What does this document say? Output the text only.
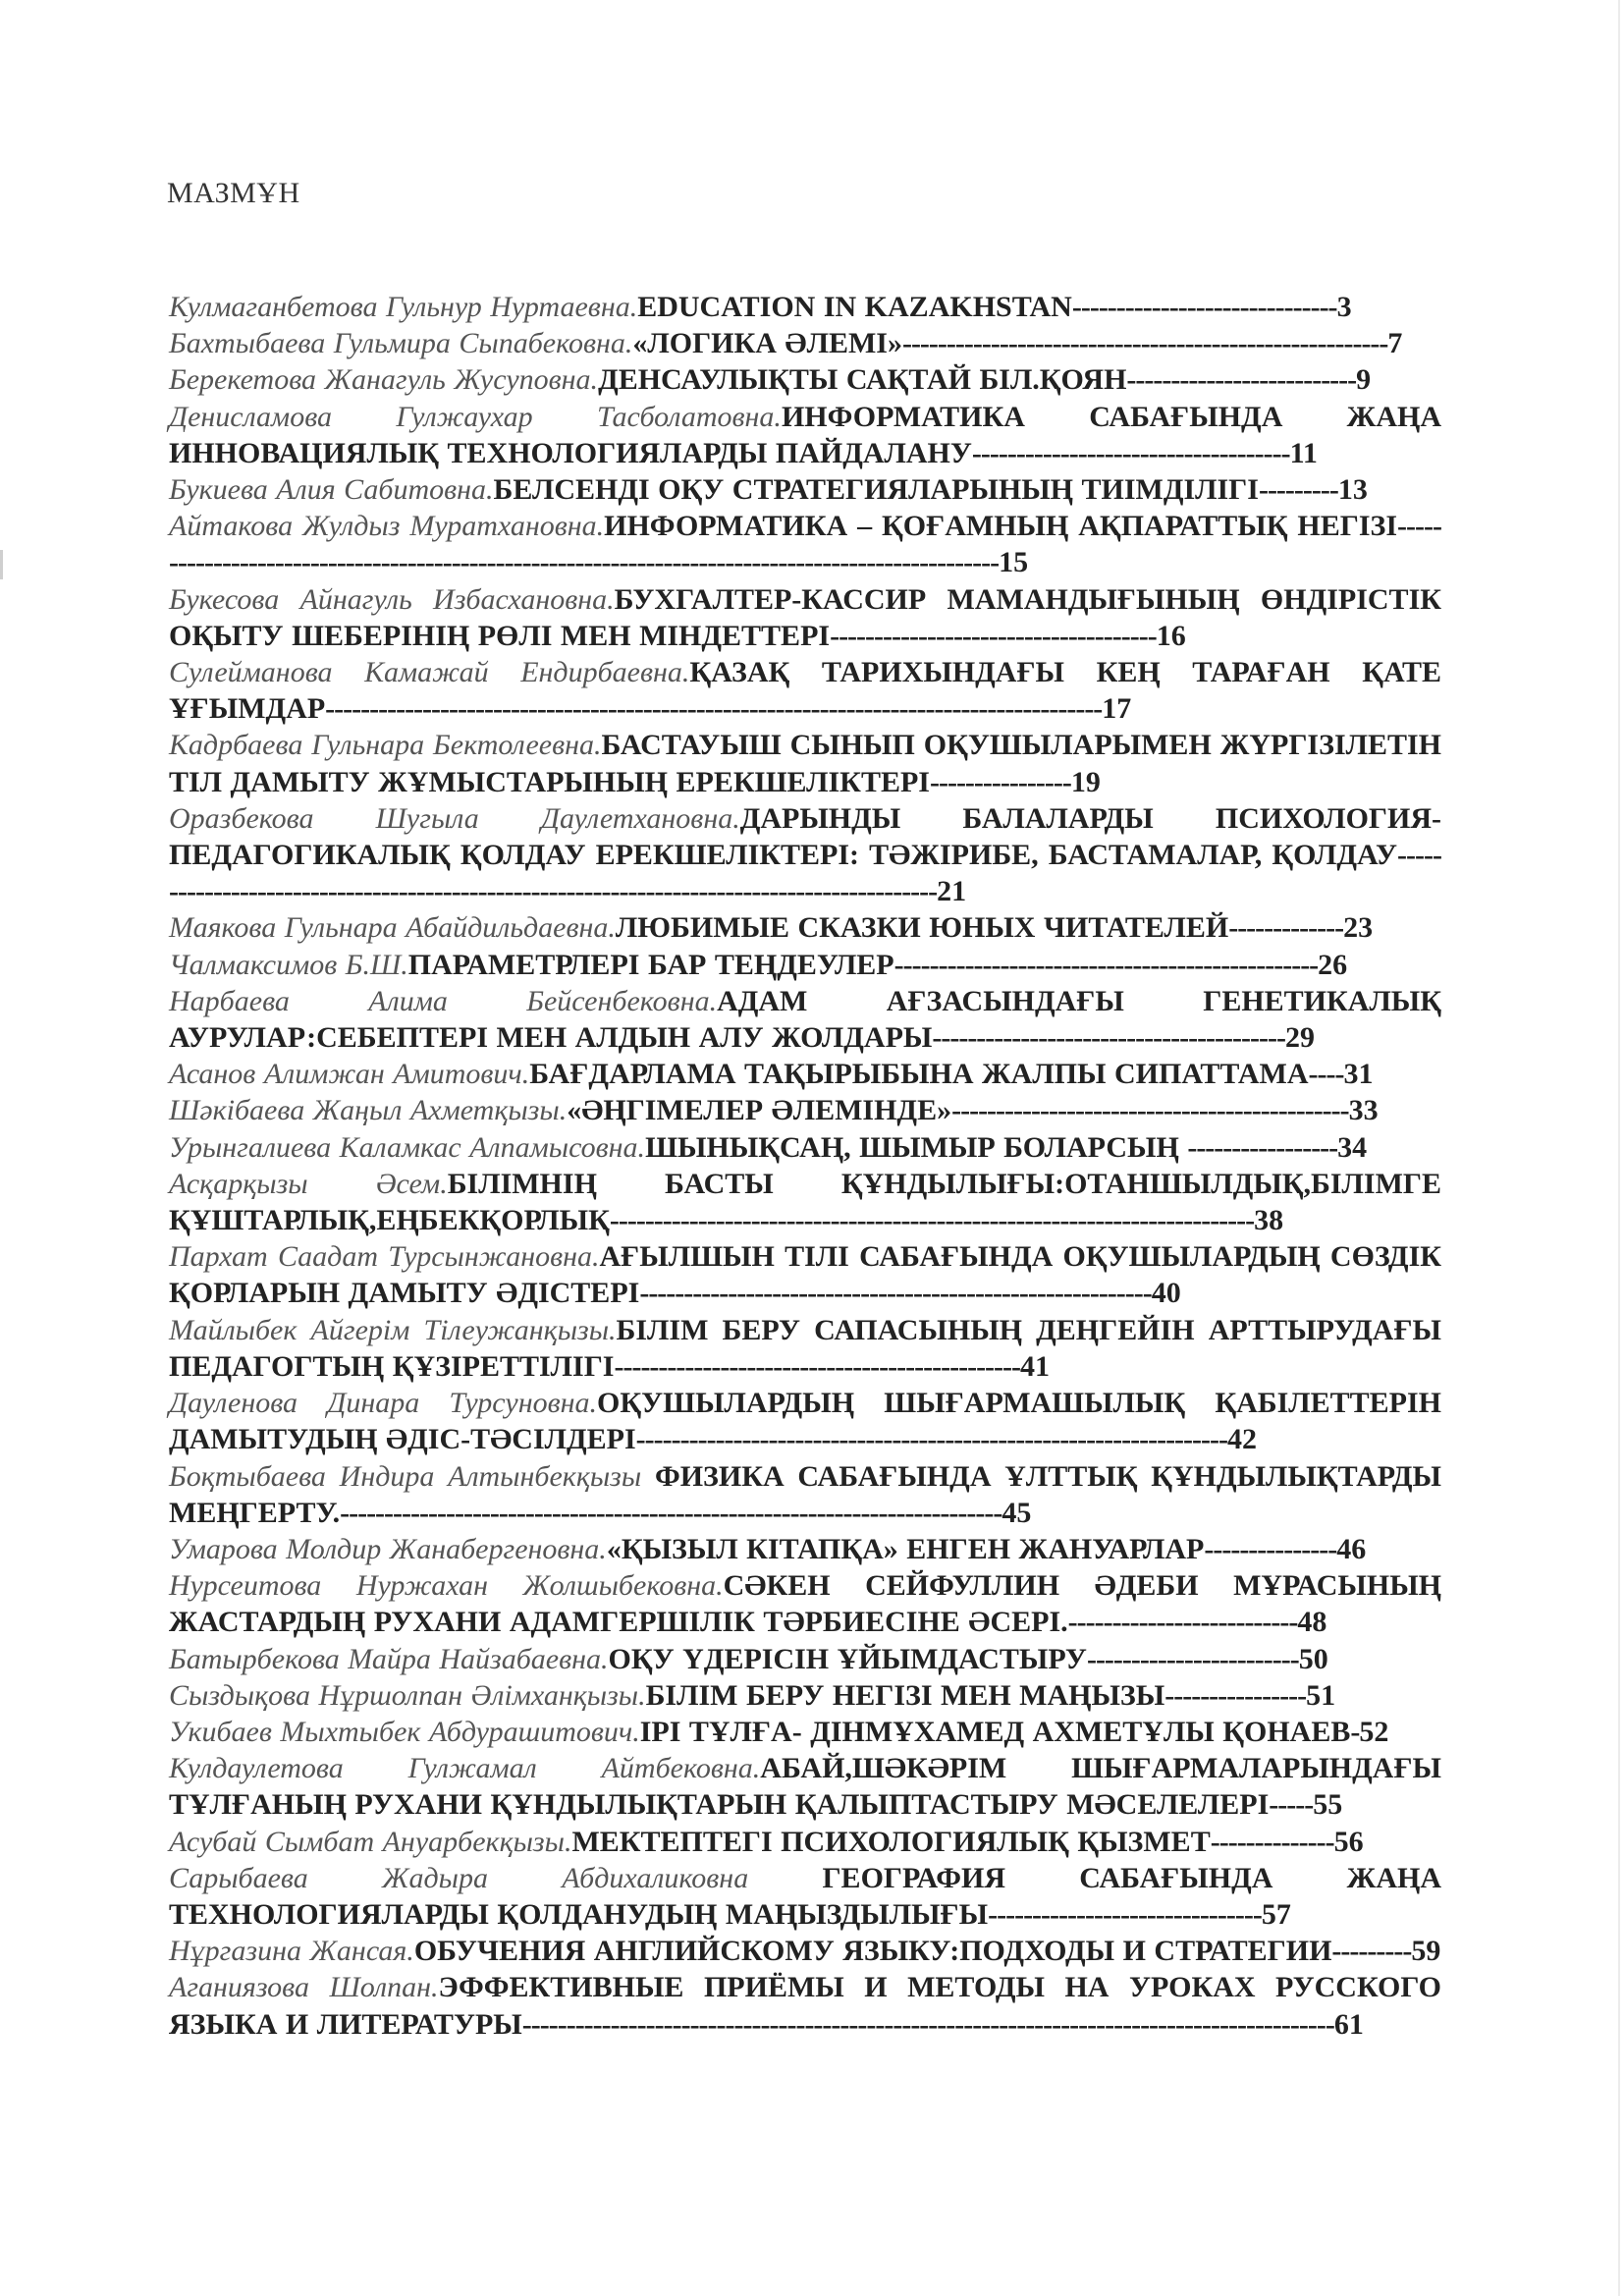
МАЗМҰН
Кулмаганбетова Гульнур Нуртаевна.EDUCATION IN KAZAKHSTAN------------------------------3
Бахтыбаева Гульмира Сыпабековна.«ЛОГИКА ӘЛЕМІ»-------------------------------------------------------7
Берекетова Жанагуль Жусуповна.ДЕНСАУЛЫҚТЫ САҚТАЙ БІЛ.ҚОЯН--------------------------9
Денисламова Гулжаухар Тасболатовна.ИНФОРМАТИКА САБАҒЫНДА ЖАҢА ИННОВАЦИЯЛЫҚ ТЕХНОЛОГИЯЛАРДЫ ПАЙДАЛАНУ------------------------------------11
Букиева Алия Сабитовна.БЕЛСЕНДІ ОҚУ СТРАТЕГИЯЛАРЫНЫҢ ТИІМДІЛІГІ---------13
Айтакова Жулдыз Муратхановна.ИНФОРМАТИКА – ҚОҒАМНЫҢ АҚПАРАТТЫҚ НЕГІЗІ---------------------------------------------------------------------------------------------------15
Букесова Айнагуль Избасхановна.БУХГАЛТЕР-КАССИР МАМАНДЫҒЫНЫҢ ӨНДІРІСТІК ОҚЫТУ ШЕБЕРІНІҢ РӨЛІ МЕН МІНДЕТТЕРІ-------------------------------------16
Сулейманова Камажай Ендирбаевна.ҚАЗАҚ ТАРИХЫНДАҒЫ КЕҢ ТАРАҒАН ҚАТЕ ҰҒЫМДАР----------------------------------------------------------------------------------------17
Кадрбаева Гульнара Бектолеевна.БАСТАУЫШ СЫНЫП ОҚУШЫЛАРЫМЕН ЖҮРГІЗІЛЕТІН ТІЛ ДАМЫТУ ЖҰМЫСТАРЫНЫҢ ЕРЕКШЕЛІКТЕРІ----------------19
Оразбекова Шугыла Даулетхановна.ДАРЫНДЫ БАЛАЛАРДЫ ПСИХОЛОГИЯ-ПЕДАГОГИКАЛЫҚ ҚОЛДАУ ЕРЕКШЕЛІКТЕРІ: ТӘЖІРИБЕ, БАСТАМАЛАР, ҚОЛДАУ--------------------------------------------------------------------------------------------21
Маякова Гульнара Абайдильдаевна.ЛЮБИМЫЕ СКАЗКИ ЮНЫХ ЧИТАТЕЛЕЙ-------------23
Чалмаксимов Б.Ш.ПАРАМЕТРЛЕРІ БАР ТЕҢДЕУЛЕР------------------------------------------------26
Нарбаева Алима Бейсенбековна.АДАМ АҒЗАСЫНДАҒЫ ГЕНЕТИКАЛЫҚ АУРУЛАР:СЕБЕПТЕРІ МЕН АЛДЫН АЛУ ЖОЛДАРЫ----------------------------------------29
Асанов Алимжан Амитович.БАҒДАРЛАМА ТАҚЫРЫБЫНА ЖАЛПЫ СИПАТТАМА----31
Шәкібаева Жаңыл Ахметқызы.«ӘҢГІМЕЛЕР ӘЛЕМІНДЕ»---------------------------------------------33
Урынгалиева Каламкас Алпамысовна.ШЫНЫҚСАҢ, ШЫМЫР БОЛАРСЫҢ -----------------34
Асқарқызы Әсем.БІЛІМНІҢ БАСТЫ ҚҰНДЫЛЫҒЫ:ОТАНШЫЛДЫҚ,БІЛІМГЕ ҚҰШТАРЛЫҚ,ЕҢБЕКҚОРЛЫҚ-------------------------------------------------------------------------38
Пархат Саадат Турсынжановна.АҒЫЛШЫН ТІЛІ САБАҒЫНДА ОҚУШЫЛАРДЫҢ СӨЗДІК ҚОРЛАРЫН ДАМЫТУ ӘДІСТЕРІ----------------------------------------------------------40
Майлыбек Айгерім Тілеужанқызы.БІЛІМ БЕРУ САПАСЫНЫҢ ДЕҢГЕЙІН АРТТЫРУДАҒЫ ПЕДАГОГТЫҢ ҚҰЗІРЕТТІЛІГІ----------------------------------------------41
Дауленова Динара Турсуновна.ОҚУШЫЛАРДЫҢ ШЫҒАРМАШЫЛЫҚ ҚАБІЛЕТТЕРІН ДАМЫТУДЫҢ ӘДІС-ТӘСІЛДЕРІ-------------------------------------------------------------------42
Боқтыбаева Индира Алтынбекқызы ФИЗИКА САБАҒЫНДА ҰЛТТЫҚ ҚҰНДЫЛЫҚТАРДЫ МЕҢГЕРТУ.---------------------------------------------------------------------------45
Умарова Молдир Жанабергеновна.«ҚЫЗЫЛ КІТАПҚА» ЕНГЕН ЖАНУАРЛАР---------------46
Нурсеитова Нуржахан Жолшыбековна.СӘКЕН СЕЙФУЛЛИН ӘДЕБИ МҰРАСЫНЫҢ ЖАСТАРДЫҢ РУХАНИ АДАМГЕРШІЛІК ТӘРБИЕСІНЕ ӘСЕРІ.--------------------------48
Батырбекова Майра Найзабаевна.ОҚУ ҮДЕРІСІН ҰЙЫМДАСТЫРУ------------------------50
Сыздықова Нұршолпан Әлімханқызы.БІЛІМ БЕРУ НЕГІЗІ МЕН МАҢЫЗЫ----------------51
Укибаев Мыхтыбек Абдурашитович.ІРІ ТҰЛҒА- ДІНМҰХАМЕД АХМЕТҰЛЫ ҚОНАЕВ-52
Кулдаулетова Гулжамал Айтбековна.АБАЙ,ШӘКӘРІМ ШЫҒАРМАЛАРЫНДАҒЫ ТҰЛҒАНЫҢ РУХАНИ ҚҰНДЫЛЫҚТАРЫН ҚАЛЫПТАСТЫРУ МӘСЕЛЕЛЕРІ-----55
Асубай Сымбат Ануарбекқызы.МЕКТЕПТЕГІ ПСИХОЛОГИЯЛЫҚ ҚЫЗМЕТ--------------56
Сарыбаева Жадыра Абдихаликовна ГЕОГРАФИЯ САБАҒЫНДА ЖАҢА ТЕХНОЛОГИЯЛАРДЫ ҚОЛДАНУДЫҢ МАҢЫЗДЫЛЫҒЫ-------------------------------57
Нұргазина Жансая.ОБУЧЕНИЯ АНГЛИЙСКОМУ ЯЗЫКУ:ПОДХОДЫ И СТРАТЕГИИ---------59
Аганиязова Шолпан.ЭФФЕКТИВНЫЕ ПРИЁМЫ И МЕТОДЫ НА УРОКАХ РУССКОГО ЯЗЫКА И ЛИТЕРАТУРЫ--------------------------------------------------------------------------------------------61
